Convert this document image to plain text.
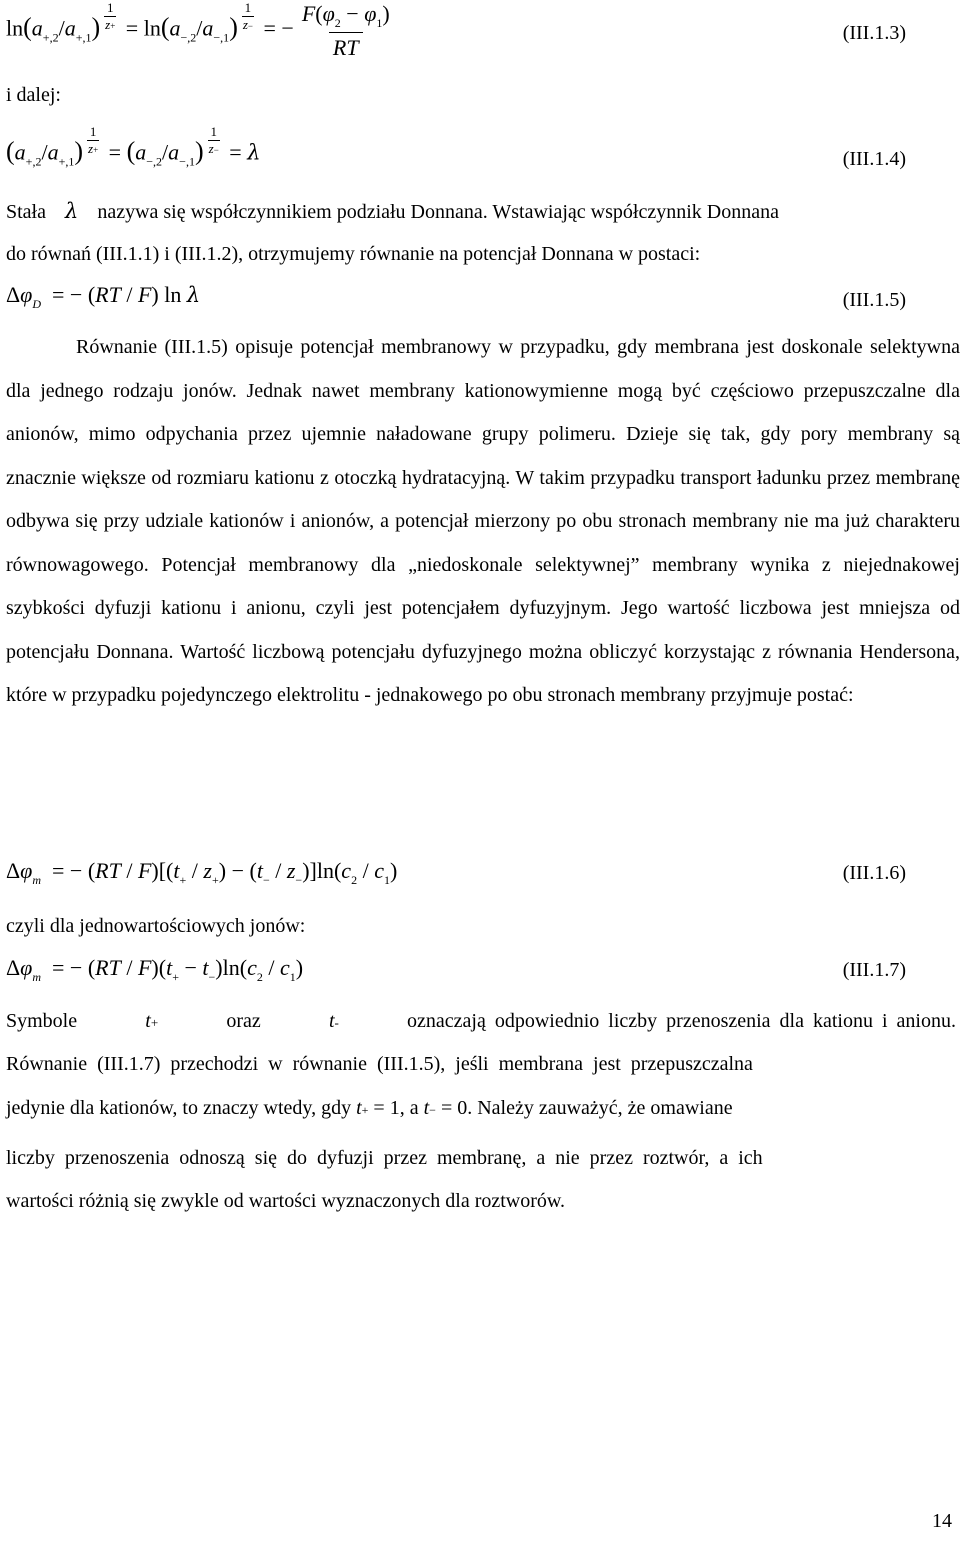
$\ln(a_{+,2}/a_{+,1}) \frac{1}{z+} = \ln(a_{-,2}/a_{-,1}) \frac{1}{z-}$ = − $\frac{F(\varphi_2 - \varphi_1)}{RT}$	(III.1.3)
i dalej:
$(a_{+,2}/a_{+,1}) \frac{1}{z+} = (a_{-,2}/a_{-,1}) \frac{1}{z-} = \lambda$	(III.1.4)
Stała λ nazywa się współczynnikiem podziału Donnana. Wstawiając współczynnik Donnana
do równań (III.1.1) i (III.1.2), otrzymujemy równanie na potencjał Donnana w postaci:
$\Delta\varphi_D$  = − (RT / F) ln λ	(III.1.5)
Równanie (III.1.5) opisuje potencjał membranowy w przypadku, gdy membrana jest doskonale selektywna dla jednego rodzaju jonów. Jednak nawet membrany kationowymienne mogą być częściowo przepuszczalne dla anionów, mimo odpychania przez ujemnie naładowane grupy polimeru. Dzieje się tak, gdy pory membrany są znacznie większe od rozmiaru kationu z otoczką hydratacyjną. W takim przypadku transport ładunku przez membranę odbywa się przy udziale kationów i anionów, a potencjał mierzony po obu stronach membrany nie ma już charakteru równowagowego. Potencjał membranowy dla „niedoskonale selektywnej” membrany wynika z niejednakowej szybkości dyfuzji kationu i anionu, czyli jest potencjałem dyfuzyjnym. Jego wartość liczbowa jest mniejsza od potencjału Donnana. Wartość liczbową potencjału dyfuzyjnego można obliczyć korzystając z równania Hendersona, które w przypadku pojedynczego elektrolitu - jednakowego po obu stronach membrany przyjmuje postać:
$\Delta\varphi_m$  = − $(RT / F)[(t_+ / z_+) - (t_- / z_-)]\ln(c_2 / c_1)$	(III.1.6)
czyli dla jednowartościowych jonów:
$\Delta\varphi_m$  = − $(RT / F)(t_+ - t_-)\ln(c_2 / c_1)$	(III.1.7)
Symbole	t+	oraz	t-	oznaczają odpowiednio liczby przenoszenia dla kationu i anionu.
Równanie (III.1.7) przechodzi w równanie (III.1.5), jeśli membrana jest przepuszczalna
jedynie dla kationów, to znaczy wtedy, gdy t+ = 1, a t− = 0. Należy zauważyć, że omawiane
liczby przenoszenia odnoszą się do dyfuzji przez membranę, a nie przez roztwór, a ich
wartości różnią się zwykle od wartości wyznaczonych dla roztworów.
14
